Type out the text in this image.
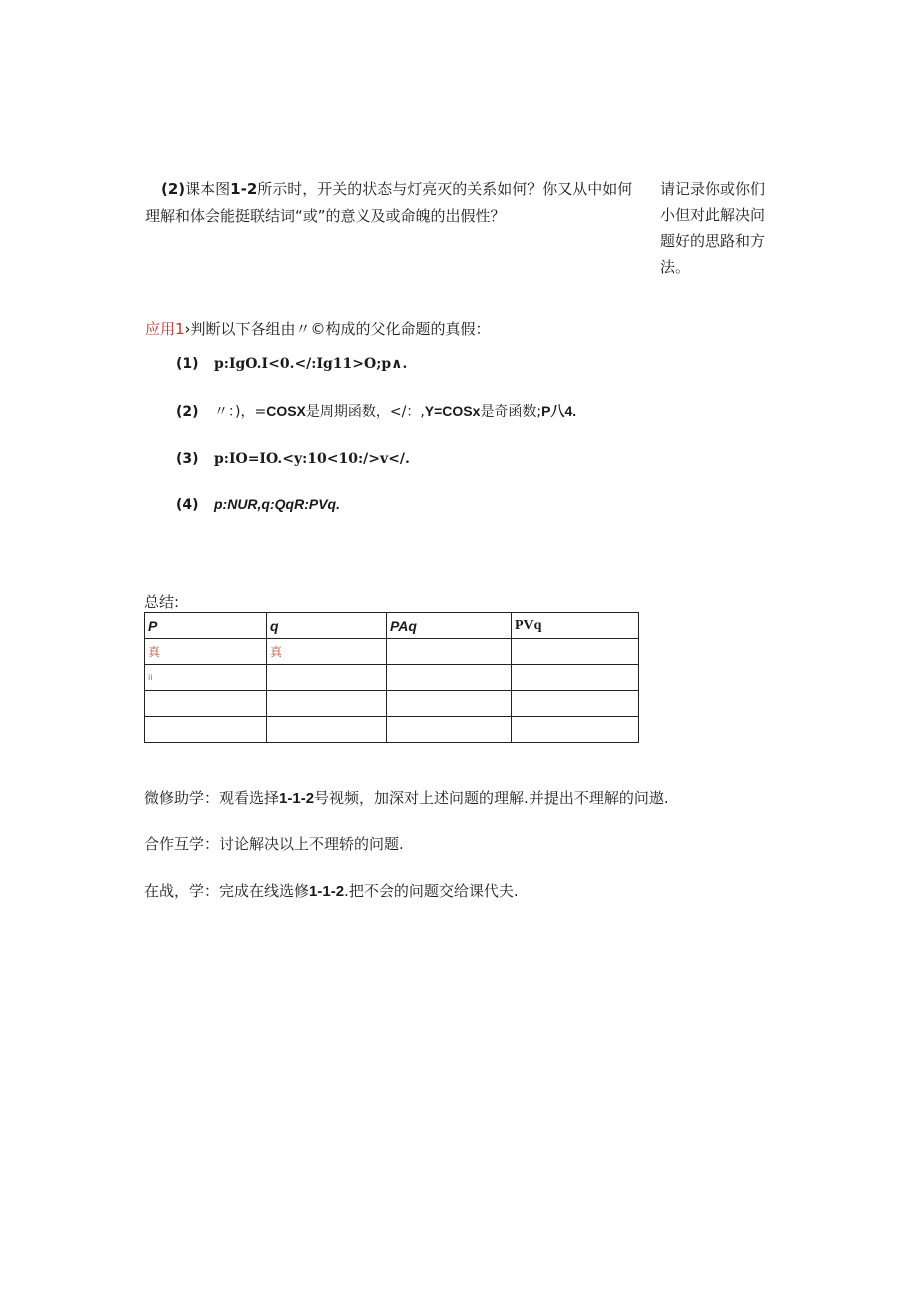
(2)课本图1-2所示时，开关的状态与灯亮灭的关系如何？你又从中如何理解和体会能挺联结词“或”的意义及或命魄的岀假性？
请记录你或你们小但对此解决问题好的思路和方法。
应用1›判断以下各组由〃©构成的父化命题的真假：
(1) p:IgO.I<0.</:Ig11>O;p∧.
(2) 〃：)，=COSX是周期函数，</：,Y=COSx是奇函数;P八4.
(3) p:IO=IO.<y:10<10:/>v</.
(4) p:NUR,q:QqR:PVq.
总结:
P	q	PAq	PVq
真	真		
ii			

微修助学：观看选择1-1-2号视频，加深对上述问题的理解.并提出不理解的问遨.
合作互学：讨论解决以上不理轿的问题.
在战，学：完成在线选修1-1-2.把不会的问题交给课代夫.
